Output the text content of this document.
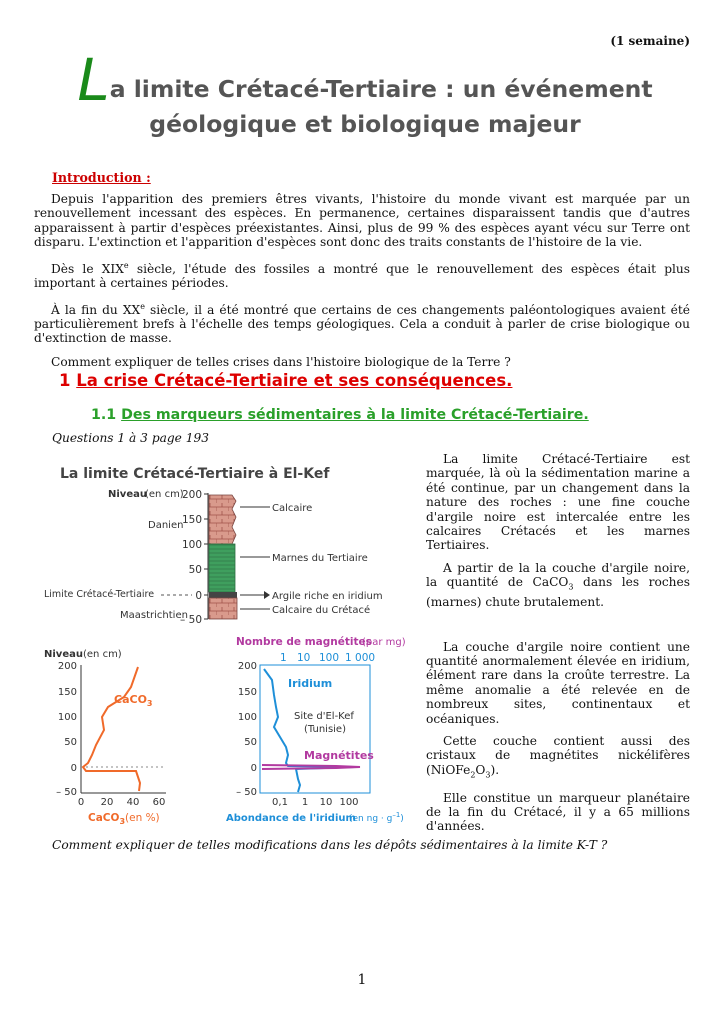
(1 semaine)
La limite Crétacé-Tertiaire : un événement
géologique et biologique majeur
Introduction :

Depuis l'apparition des premiers êtres vivants, l'histoire du monde vivant est marquée par un renouvellement incessant des espèces. En permanence, certaines disparaissent tandis que d'autres apparaissent à partir d'espèces préexistantes. Ainsi, plus de 99 % des espèces ayant vécu sur Terre ont disparu. L'extinction et l'apparition d'espèces sont donc des traits constants de l'histoire de la vie.

Dès le XIXe siècle, l'étude des fossiles a montré que le renouvellement des espèces était plus important à certaines périodes.

À la fin du XXe siècle, il a été montré que certains de ces changements paléontologiques avaient été particulièrement brefs à l'échelle des temps géologiques. Cela a conduit à parler de crise biologique ou d'extinction de masse.

Comment expliquer de telles crises dans l'histoire biologique de la Terre ?

1 La crise Crétacé-Tertiaire et ses conséquences.
1.1 Des marqueurs sédimentaires à la limite Crétacé-Tertiaire.
Questions 1 à 3 page 193
La limite Crétacé-Tertiaire à El-Kef
Niveau
(en cm)
Danien
Limite Crétacé-Tertiaire
Maastrichtien
200
150
100
50
0
– 50
Calcaire
Marnes du Tertiaire
Argile riche en iridium
Calcaire du Crétacé
Niveau (en cm)
200
150
100
50
0
– 50
0 20 40 60
CaCO$_3$
CaCO$_3$(en %)
Nombre de magnétites
(par mg)
1 10 100 1 000
200
150
100
50
0
– 50
Iridium
Site d'El-Kef
(Tunisie)
Magnétites
0,1 1 10 100
Abondance de l'iridium
(en ng · $g^{-1}$)

La limite Crétacé-Tertiaire est marquée, là où la sédimentation marine a été continue, par un changement dans la nature des roches : une fine couche d'argile noire est intercalée entre les calcaires Crétacés et les marnes Tertiaires.

A partir de la la couche d'argile noire, la quantité de CaCO$_3$ dans les roches (marnes) chute brutalement.

La couche d'argile noire contient une quantité anormalement élevée en iridium, élément rare dans la croûte terrestre. La même anomalie a été relevée en de nombreux sites, continentaux et océaniques.

Cette couche contient aussi des cristaux de magnétites nickélifères $(NiOFe_2O_3)$.

Elle constitue un marqueur planétaire de la fin du Crétacé, il y a 65 millions d'années.

Comment expliquer de telles modifications dans les dépôts sédimentaires à la limite K-T ?
1
